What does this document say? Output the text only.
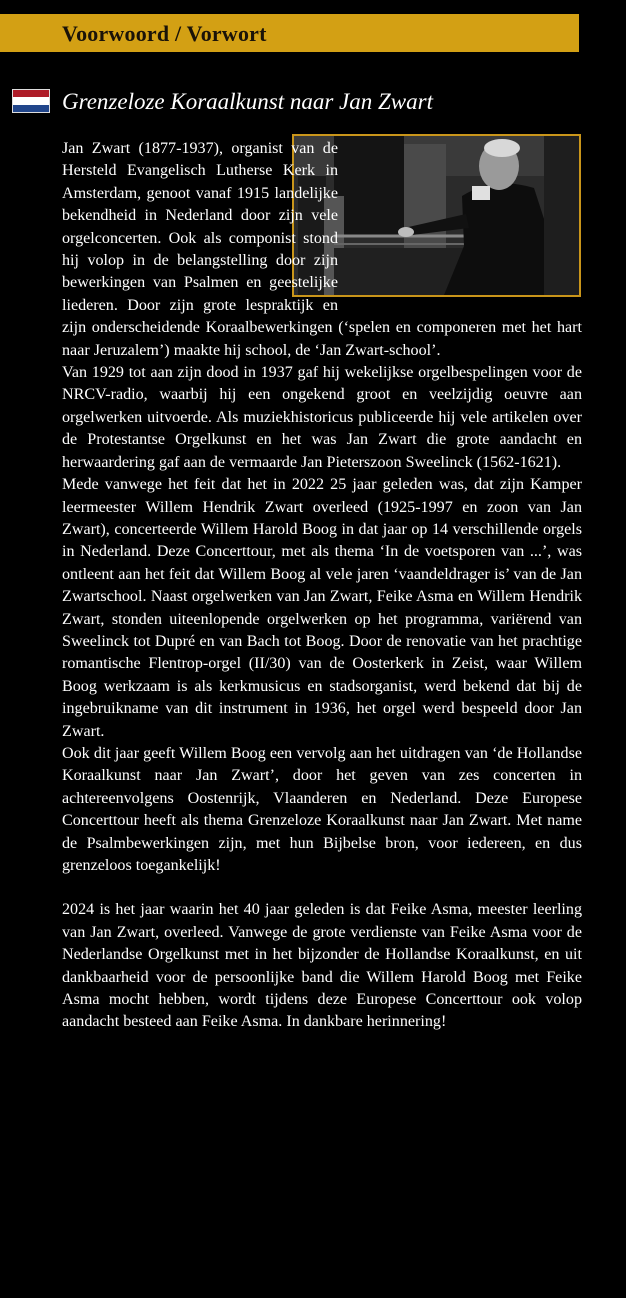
Voorwoord / Vorwort
Grenzeloze Koraalkunst naar Jan Zwart

Jan Zwart (1877-1937), organist van de Hersteld Evangelisch Lutherse Kerk in Amsterdam, genoot vanaf 1915 landelijke bekendheid in Nederland door zijn vele orgelconcerten. Ook als componist stond hij volop in de belangstelling door zijn bewerkingen van Psalmen en geestelijke liederen. Door zijn grote lespraktijk en zijn onderscheidende Koraalbewerkingen (‘spelen en componeren met het hart naar Jeruzalem’) maakte hij school, de ‘Jan Zwart-school’.

Van 1929 tot aan zijn dood in 1937 gaf hij wekelijkse orgelbespelingen voor de NRCV-radio, waarbij hij een ongekend groot en veelzijdig oeuvre aan orgelwerken uitvoerde. Als muziekhistoricus publiceerde hij vele artikelen over de Protestantse Orgelkunst en het was Jan Zwart die grote aandacht en herwaardering gaf aan de vermaarde Jan Pieterszoon Sweelinck (1562-1621).

Mede vanwege het feit dat het in 2022 25 jaar geleden was, dat zijn Kamper leermeester Willem Hendrik Zwart overleed (1925-1997 en zoon van Jan Zwart), concerteerde Willem Harold Boog in dat jaar op 14 verschillende orgels in Nederland. Deze Concerttour, met als thema ‘In de voetsporen van ...’, was ontleent aan het feit dat Willem Boog al vele jaren ‘vaandeldrager is’ van de Jan Zwartschool. Naast orgelwerken van Jan Zwart, Feike Asma en Willem Hendrik Zwart, stonden uiteenlopende orgelwerken op het programma, variërend van Sweelinck tot Dupré en van Bach tot Boog. Door de renovatie van het prachtige romantische Flentrop-orgel (II/30) van de Oosterkerk in Zeist, waar Willem Boog werkzaam is als kerkmusicus en stadsorganist, werd bekend dat bij de ingebruikname van dit instrument in 1936, het orgel werd bespeeld door Jan Zwart.

Ook dit jaar geeft Willem Boog een vervolg aan het uitdragen van ‘de Hollandse Koraalkunst naar Jan Zwart’, door het geven van zes concerten in achtereenvolgens Oostenrijk, Vlaanderen en Nederland. Deze Europese Concerttour heeft als thema Grenzeloze Koraalkunst naar Jan Zwart. Met name de Psalmbewerkingen zijn, met hun Bijbelse bron, voor iedereen, en dus grenzeloos toegankelijk!

2024 is het jaar waarin het 40 jaar geleden is dat Feike Asma, meester leerling van Jan Zwart, overleed. Vanwege de grote verdienste van Feike Asma voor de Nederlandse Orgelkunst met in het bijzonder de Hollandse Koraalkunst, en uit dankbaarheid voor de persoonlijke band die Willem Harold Boog met Feike Asma mocht hebben, wordt tijdens deze Europese Concerttour ook volop aandacht besteed aan Feike Asma. In dankbare herinnering!
